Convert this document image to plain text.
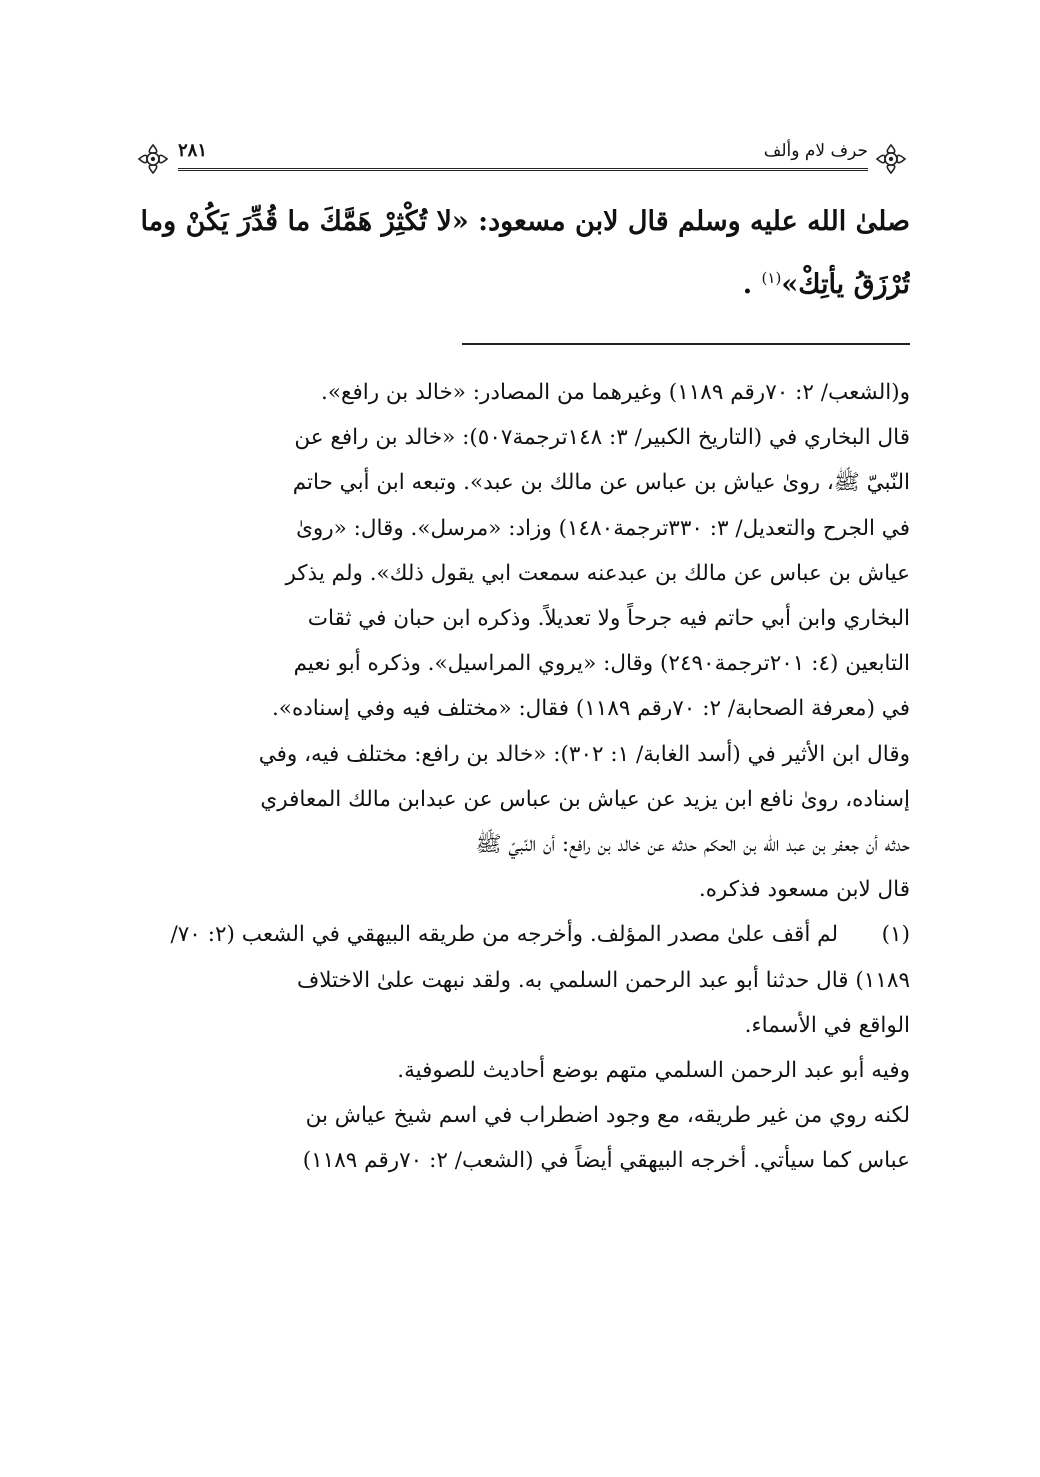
حرف لام وألف
٢٨١
صلىٰ الله عليه وسلم قال لابن مسعود: «لا تُكْثِرْ هَمَّكَ ما قُدِّرَ يَكُنْ وما
تُرْزَقُ يأتِكْ»$^{(١)}$ .
و(الشعب/ ٢: ٧٠رقم ١١٨٩) وغيرهما من المصادر: «خالد بن رافع».
قال البخاري في (التاريخ الكبير/ ٣: ١٤٨ترجمة٥٠٧): «خالد بن رافع عن
النّبيّ ﷺ، رویٰ عياش بن عباس عن مالك بن عبد». وتبعه ابن أبي حاتم
في الجرح والتعديل/ ٣: ٣٣٠ترجمة١٤٨٠) وزاد: «مرسل». وقال: «رویٰ
عياش بن عباس عن مالك بن عبدعنه سمعت ابي يقول ذلك». ولم يذكر
البخاري وابن أبي حاتم فيه جرحاً ولا تعديلاً. وذكره ابن حبان في ثقات
التابعين (٤: ٢٠١ترجمة٢٤٩٠) وقال: «يروي المراسيل». وذكره أبو نعيم
في (معرفة الصحابة/ ٢: ٧٠رقم ١١٨٩) فقال: «مختلف فيه وفي إسناده».
وقال ابن الأثير في (أسد الغابة/ ١: ٣٠٢): «خالد بن رافع: مختلف فيه، وفي
إسناده، رویٰ نافع ابن يزيد عن عياش بن عباس عن عبدابن مالك المعافري
حدثه أن جعفر بن عبد الله بن الحكم حدثه عن خالد بن رافع: أن النّبيّ ﷺ
قال لابن مسعود فذكره.
(١)
لم أقف علىٰ مصدر المؤلف. وأخرجه من طريقه البيهقي في الشعب (٢: ٧٠/
١١٨٩) قال حدثنا أبو عبد الرحمن السلمي به. ولقد نبهت علىٰ الاختلاف
الواقع في الأسماء.
وفيه أبو عبد الرحمن السلمي متهم بوضع أحاديث للصوفية.
لكنه روي من غير طريقه، مع وجود اضطراب في اسم شيخ عياش بن
عباس كما سيأتي. أخرجه البيهقي أيضاً في (الشعب/ ٢: ٧٠رقم ١١٨٩)
